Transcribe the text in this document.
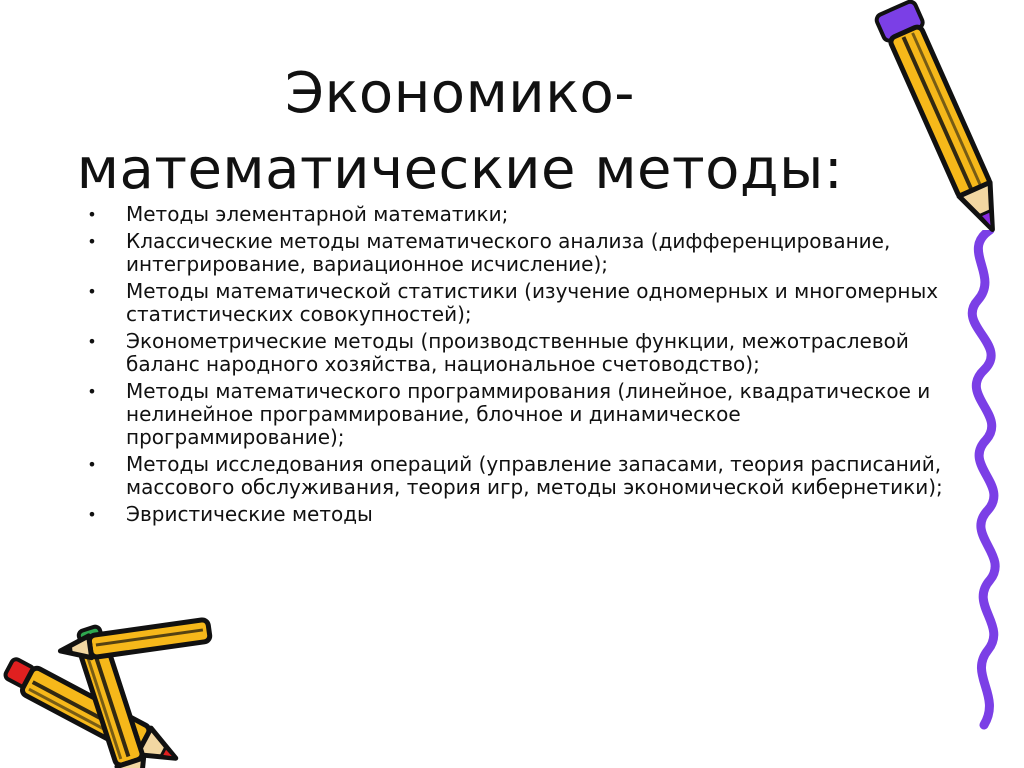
Экономико-
математические методы:
• Методы элементарной математики;
• Классические методы математического анализа (дифференцирование, интегрирование, вариационное исчисление);
• Методы математической статистики (изучение одномерных и многомерных статистических совокупностей);
• Эконометрические методы (производственные функции, межотраслевой баланс народного хозяйства, национальное счетоводство);
• Методы математического программирования (линейное, квадратическое и нелинейное программирование, блочное и динамическое программирование);
• Методы исследования операций (управление запасами, теория расписаний, массового обслуживания, теория игр, методы экономической кибернетики);
• Эвристические методы
